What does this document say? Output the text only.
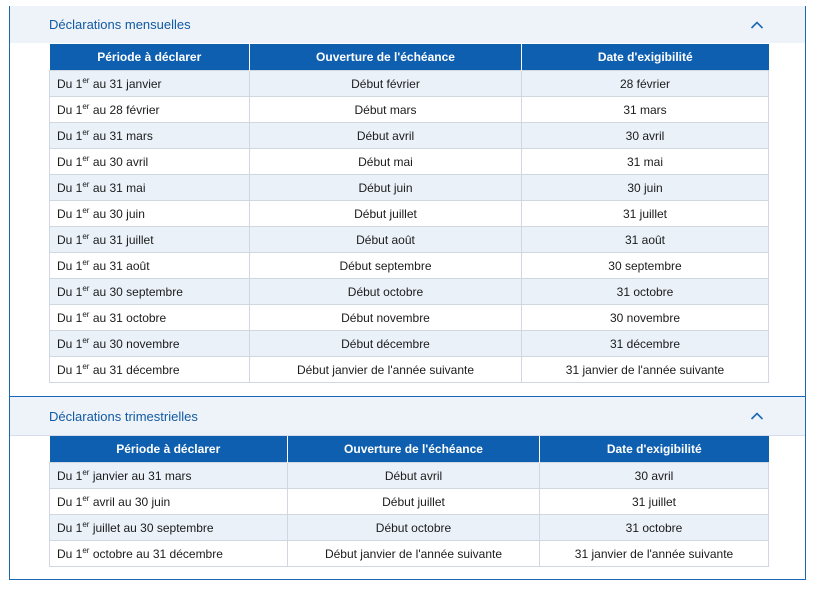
Déclarations mensuelles
Période à déclarer	Ouverture de l'échéance	Date d'exigibilité
Du 1er au 31 janvier	Début février	28 février
Du 1er au 28 février	Début mars	31 mars
Du 1er au 31 mars	Début avril	30 avril
Du 1er au 30 avril	Début mai	31 mai
Du 1er au 31 mai	Début juin	30 juin
Du 1er au 30 juin	Début juillet	31 juillet
Du 1er au 31 juillet	Début août	31 août
Du 1er au 31 août	Début septembre	30 septembre
Du 1er au 30 septembre	Début octobre	31 octobre
Du 1er au 31 octobre	Début novembre	30 novembre
Du 1er au 30 novembre	Début décembre	31 décembre
Du 1er au 31 décembre	Début janvier de l'année suivante	31 janvier de l'année suivante
Déclarations trimestrielles
Période à déclarer	Ouverture de l'échéance	Date d'exigibilité
Du 1er janvier au 31 mars	Début avril	30 avril
Du 1er avril au 30 juin	Début juillet	31 juillet
Du 1er juillet au 30 septembre	Début octobre	31 octobre
Du 1er octobre au 31 décembre	Début janvier de l'année suivante	31 janvier de l'année suivante
